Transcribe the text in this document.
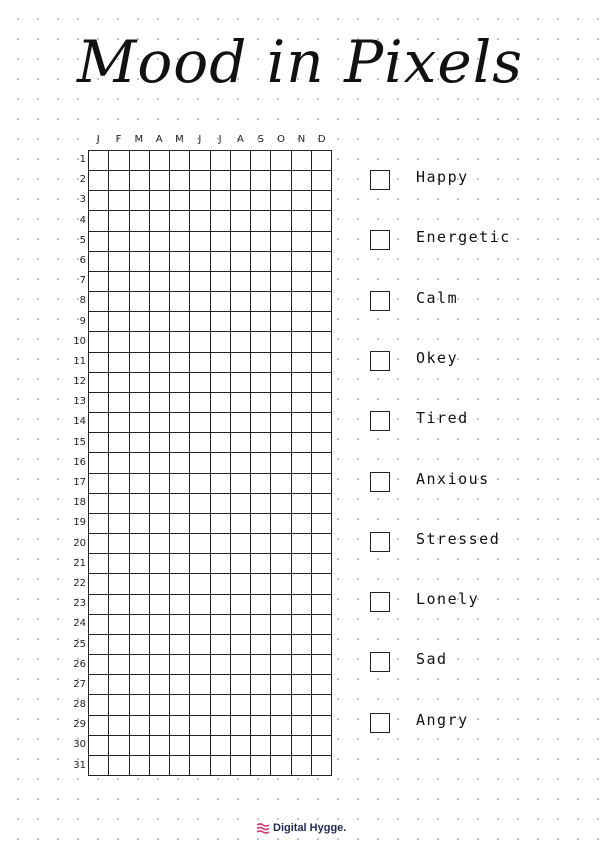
Mood in Pixels
J	F	M	A	M	J	J	A	S	O	N	D
1
2
3
4
5
6
7
8
9
10
11
12
13
14
15
16
17
18
19
20
21
22
23
24
25
26
27
28
29
30
31
Happy
Energetic
Calm
Okey
Tired
Anxious
Stressed
Lonely
Sad
Angry
Digital Hygge.
